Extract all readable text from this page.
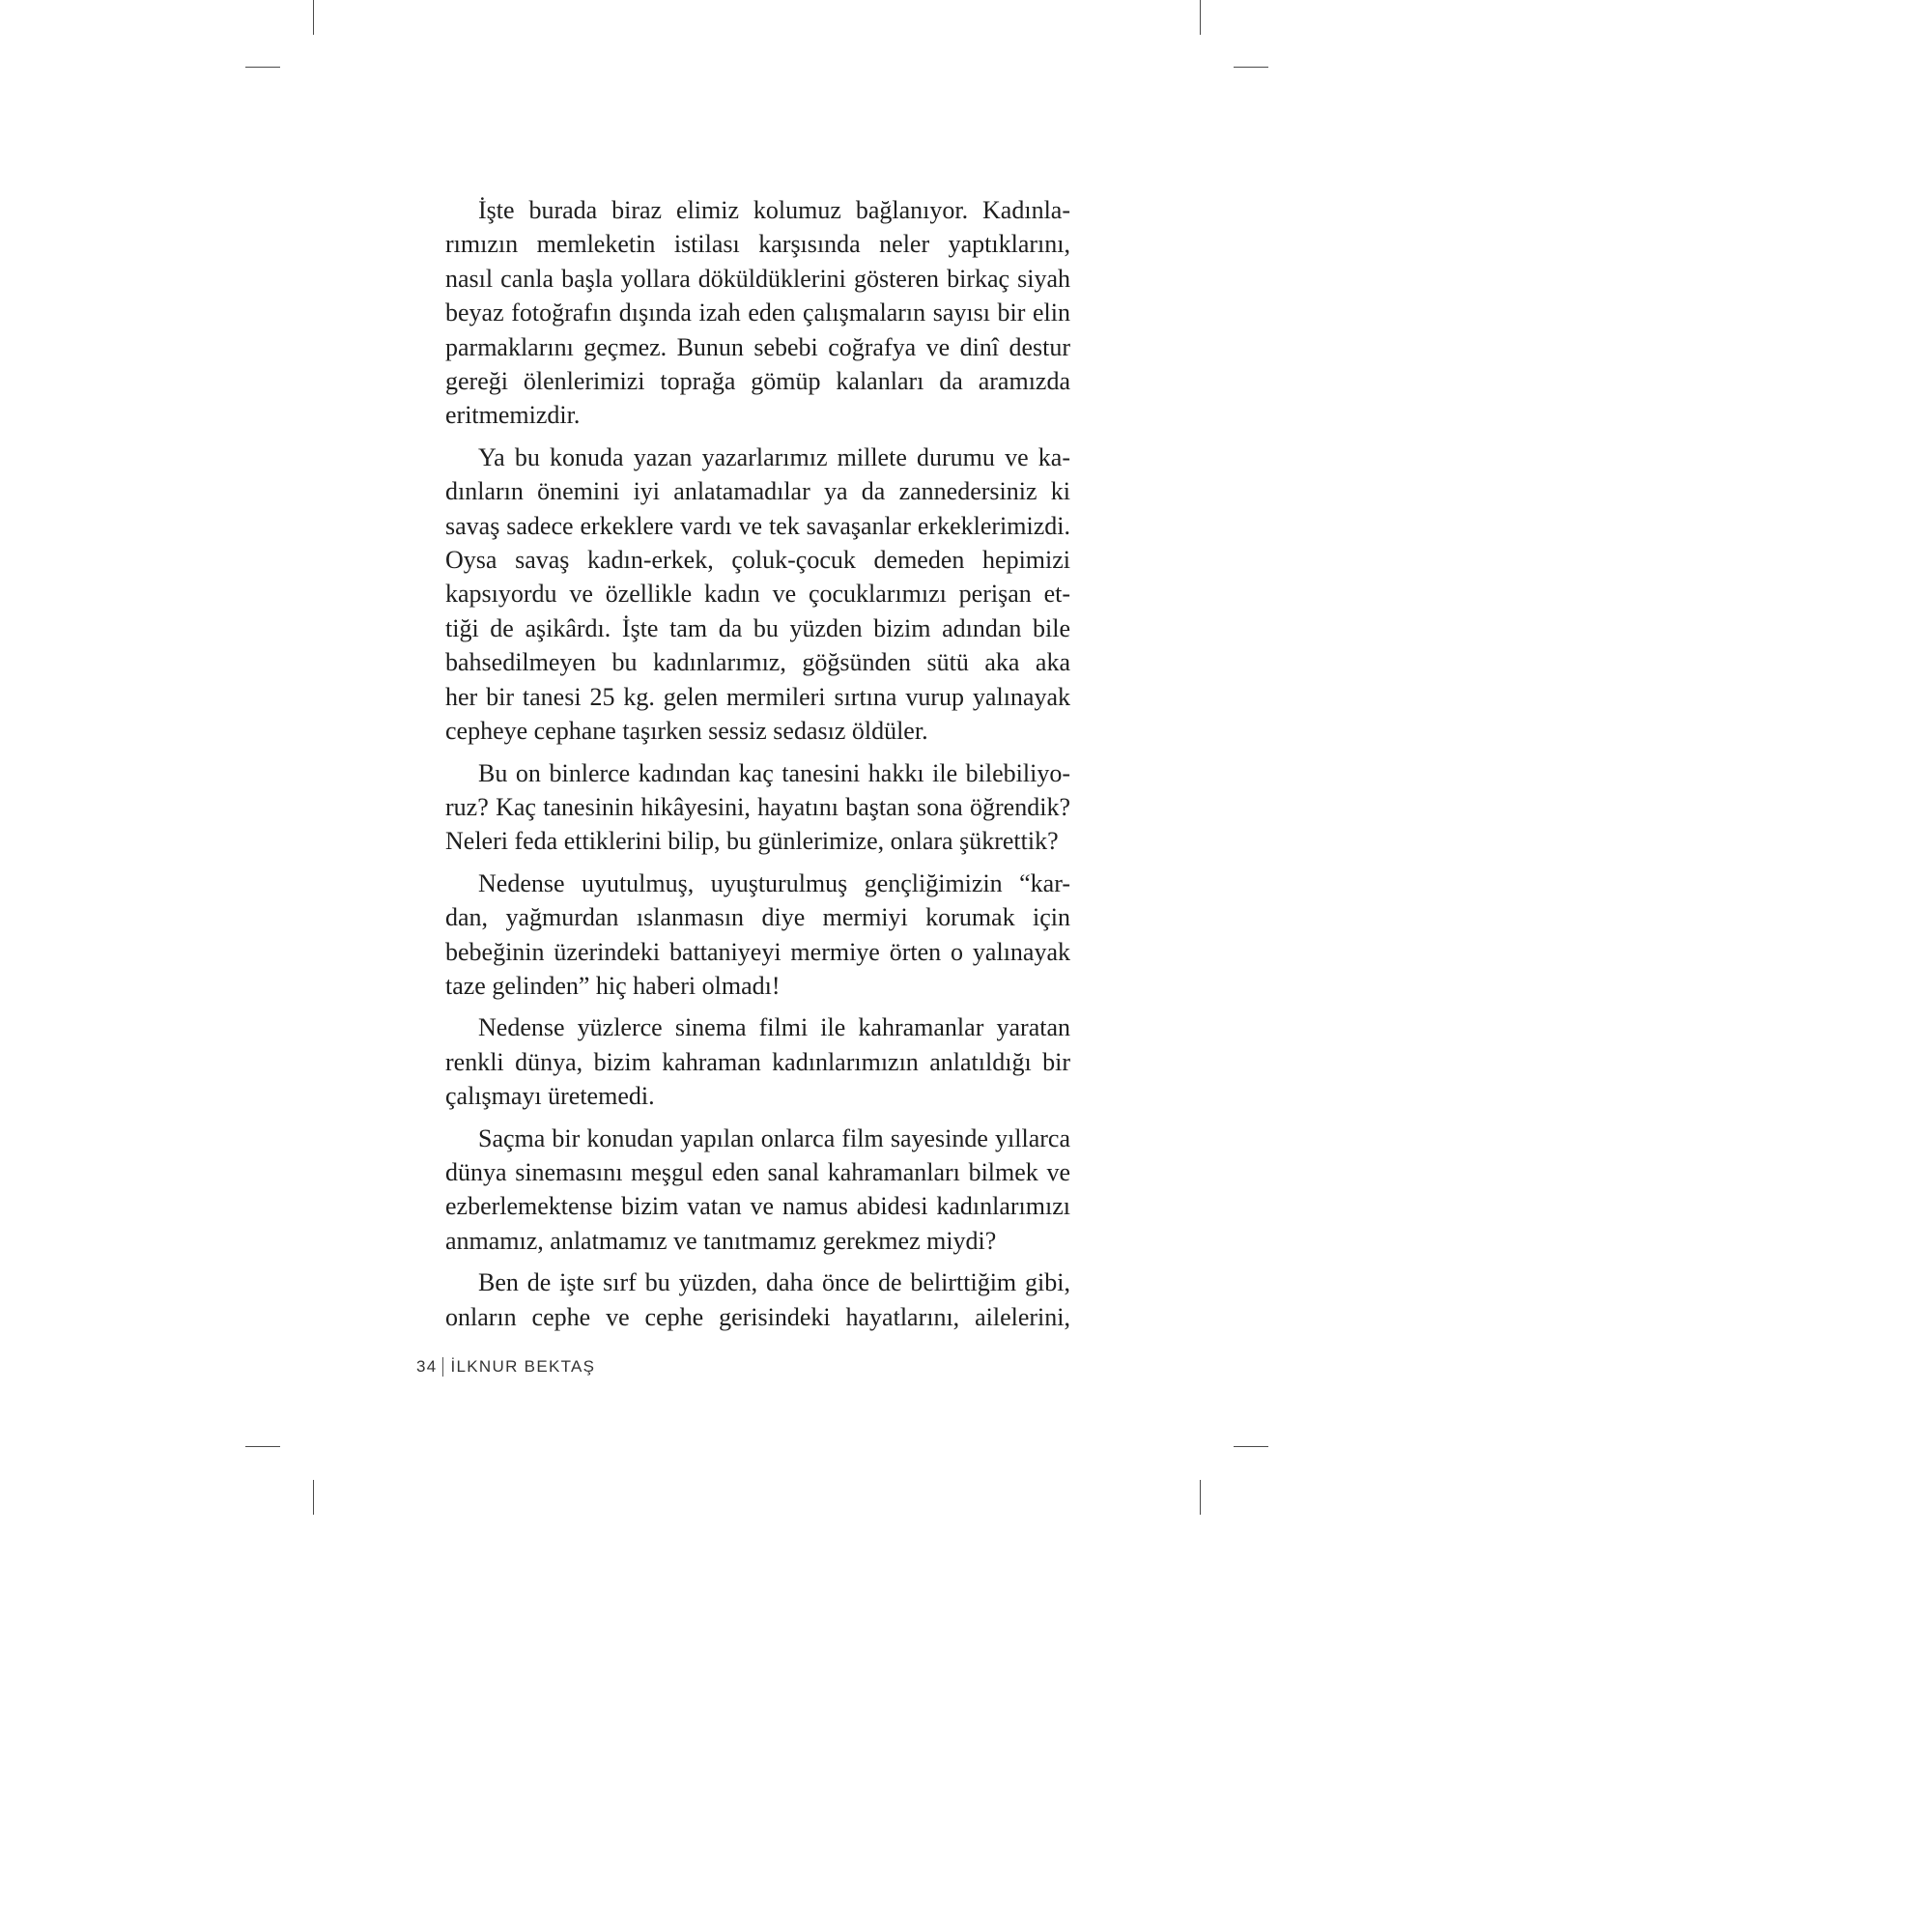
İşte burada biraz elimiz kolumuz bağlanıyor. Kadınla-
rımızın memleketin istilası karşısında neler yaptıklarını,
nasıl canla başla yollara döküldüklerini gösteren birkaç siyah
beyaz fotoğrafın dışında izah eden çalışmaların sayısı bir elin
parmaklarını geçmez. Bunun sebebi coğrafya ve dinî destur
gereği ölenlerimizi toprağa gömüp kalanları da aramızda
eritmemizdir.
Ya bu konuda yazan yazarlarımız millete durumu ve ka-
dınların önemini iyi anlatamadılar ya da zannedersiniz ki
savaş sadece erkeklere vardı ve tek savaşanlar erkeklerimizdi.
Oysa savaş kadın-erkek, çoluk-çocuk demeden hepimizi
kapsıyordu ve özellikle kadın ve çocuklarımızı perişan et-
tiği de aşikârdı. İşte tam da bu yüzden bizim adından bile
bahsedilmeyen bu kadınlarımız, göğsünden sütü aka aka
her bir tanesi 25 kg. gelen mermileri sırtına vurup yalınayak
cepheye cephane taşırken sessiz sedasız öldüler.
Bu on binlerce kadından kaç tanesini hakkı ile bilebiliyo-
ruz? Kaç tanesinin hikâyesini, hayatını baştan sona öğrendik?
Neleri feda ettiklerini bilip, bu günlerimize, onlara şükrettik?
Nedense uyutulmuş, uyuşturulmuş gençliğimizin “kar-
dan, yağmurdan ıslanmasın diye mermiyi korumak için
bebeğinin üzerindeki battaniyeyi mermiye örten o yalınayak
taze gelinden” hiç haberi olmadı!
Nedense yüzlerce sinema filmi ile kahramanlar yaratan
renkli dünya, bizim kahraman kadınlarımızın anlatıldığı bir
çalışmayı üretemedi.
Saçma bir konudan yapılan onlarca film sayesinde yıllarca
dünya sinemasını meşgul eden sanal kahramanları bilmek ve
ezberlemektense bizim vatan ve namus abidesi kadınlarımızı
anmamız, anlatmamız ve tanıtmamız gerekmez miydi?
Ben de işte sırf bu yüzden, daha önce de belirttiğim gibi,
onların cephe ve cephe gerisindeki hayatlarını, ailelerini,
34 İLKNUR BEKTAŞ
